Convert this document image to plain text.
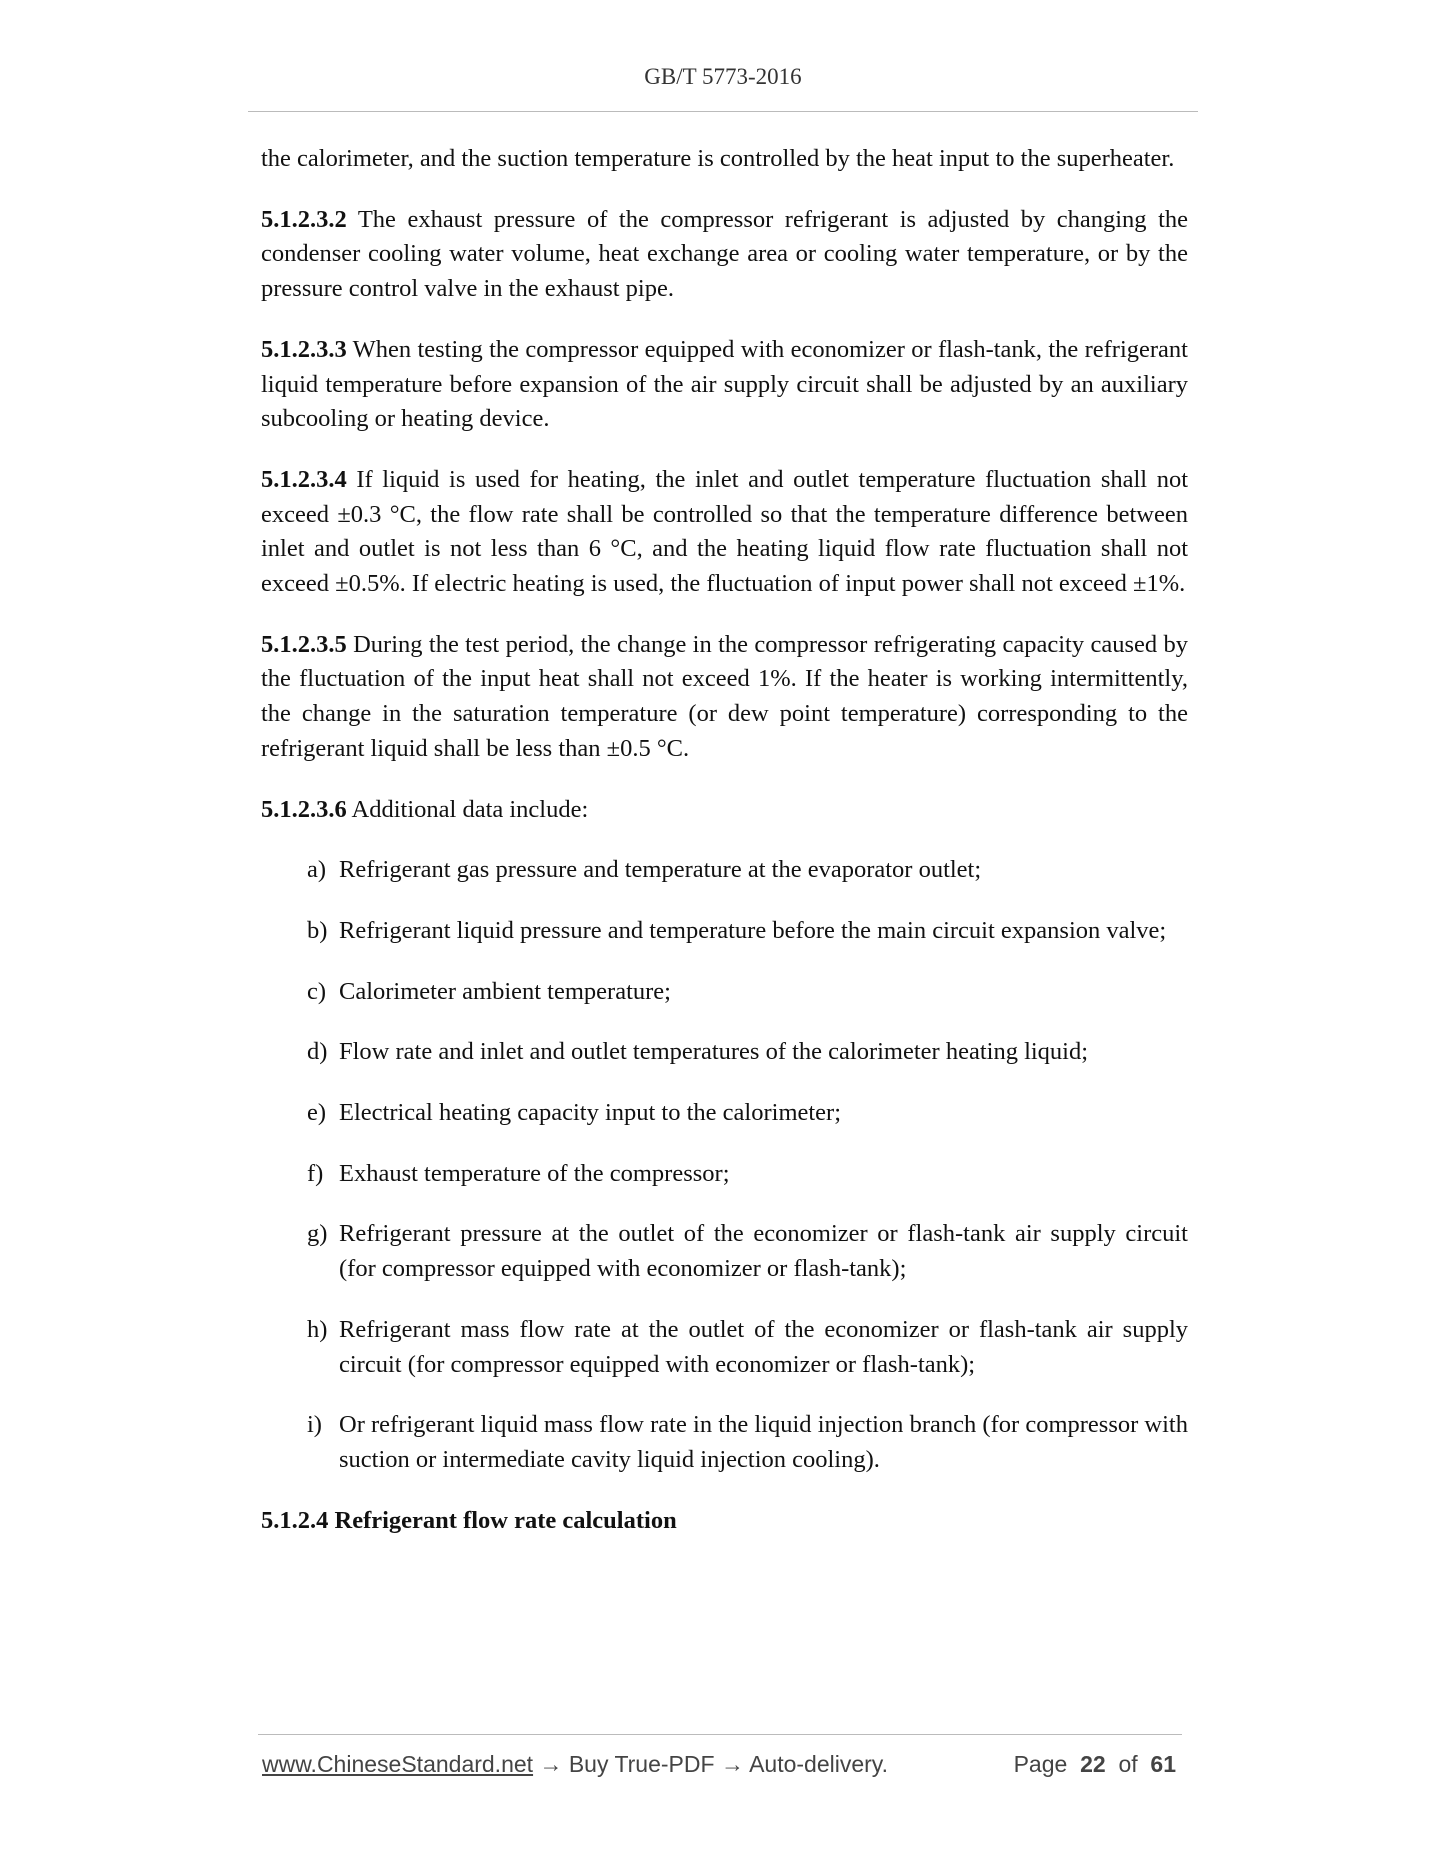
GB/T 5773-2016

the calorimeter, and the suction temperature is controlled by the heat input to the superheater.

5.1.2.3.2 The exhaust pressure of the compressor refrigerant is adjusted by changing the condenser cooling water volume, heat exchange area or cooling water temperature, or by the pressure control valve in the exhaust pipe.

5.1.2.3.3 When testing the compressor equipped with economizer or flash-tank, the refrigerant liquid temperature before expansion of the air supply circuit shall be adjusted by an auxiliary subcooling or heating device.

5.1.2.3.4 If liquid is used for heating, the inlet and outlet temperature fluctuation shall not exceed ±0.3 °C, the flow rate shall be controlled so that the temperature difference between inlet and outlet is not less than 6 °C, and the heating liquid flow rate fluctuation shall not exceed ±0.5%. If electric heating is used, the fluctuation of input power shall not exceed ±1%.

5.1.2.3.5 During the test period, the change in the compressor refrigerating capacity caused by the fluctuation of the input heat shall not exceed 1%. If the heater is working intermittently, the change in the saturation temperature (or dew point temperature) corresponding to the refrigerant liquid shall be less than ±0.5 °C.

5.1.2.3.6 Additional data include:

a) Refrigerant gas pressure and temperature at the evaporator outlet;
b) Refrigerant liquid pressure and temperature before the main circuit expansion valve;
c) Calorimeter ambient temperature;
d) Flow rate and inlet and outlet temperatures of the calorimeter heating liquid;
e) Electrical heating capacity input to the calorimeter;
f) Exhaust temperature of the compressor;
g) Refrigerant pressure at the outlet of the economizer or flash-tank air supply circuit (for compressor equipped with economizer or flash-tank);
h) Refrigerant mass flow rate at the outlet of the economizer or flash-tank air supply circuit (for compressor equipped with economizer or flash-tank);
i) Or refrigerant liquid mass flow rate in the liquid injection branch (for compressor with suction or intermediate cavity liquid injection cooling).

5.1.2.4 Refrigerant flow rate calculation

www.ChineseStandard.net → Buy True-PDF → Auto-delivery.	Page 22 of 61
